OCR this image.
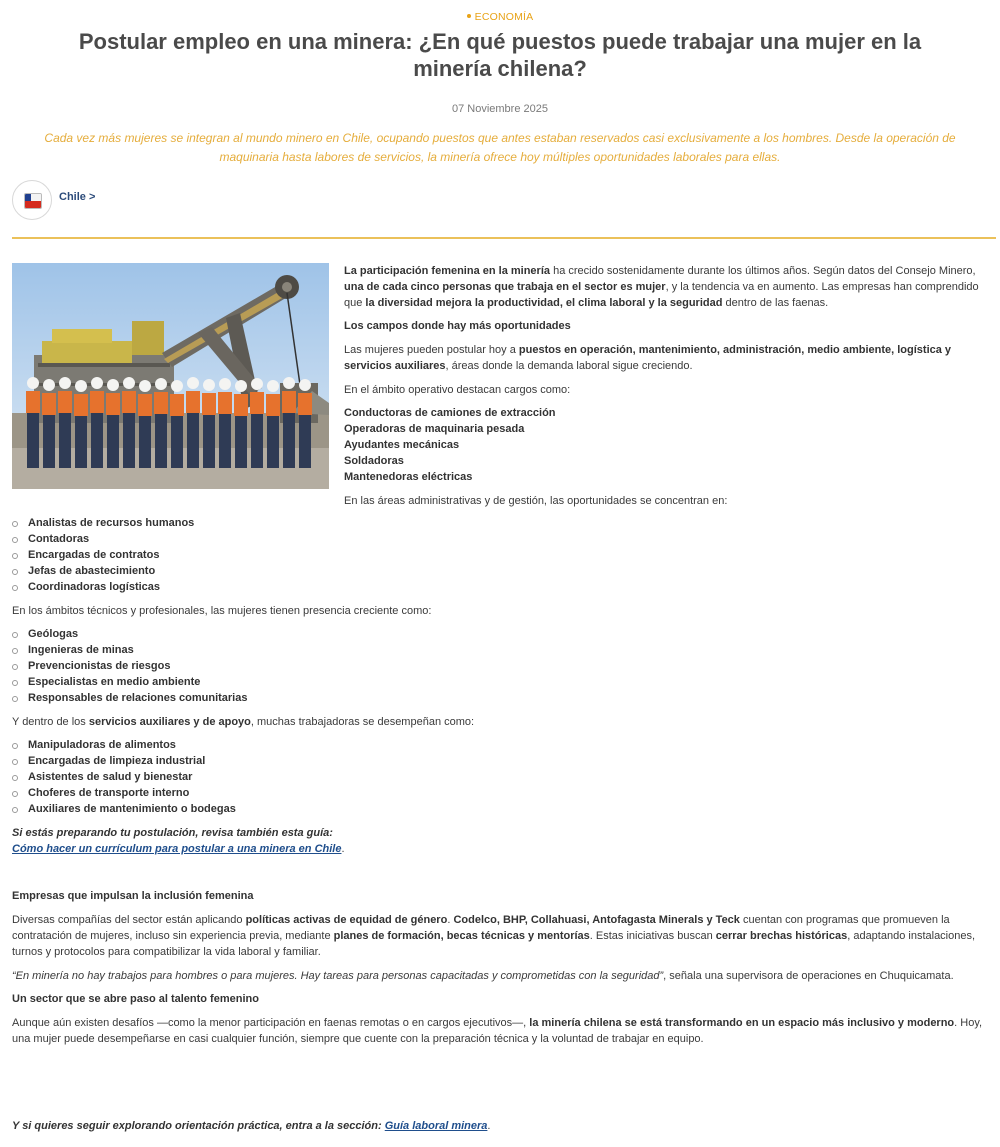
ECONOMÍA
Postular empleo en una minera: ¿En qué puestos puede trabajar una mujer en la minería chilena?
07 Noviembre 2025
Cada vez más mujeres se integran al mundo minero en Chile, ocupando puestos que antes estaban reservados casi exclusivamente a los hombres. Desde la operación de maquinaria hasta labores de servicios, la minería ofrece hoy múltiples oportunidades laborales para ellas.
Chile >

La participación femenina en la minería ha crecido sostenidamente durante los últimos años. Según datos del Consejo Minero, una de cada cinco personas que trabaja en el sector es mujer, y la tendencia va en aumento. Las empresas han comprendido que la diversidad mejora la productividad, el clima laboral y la seguridad dentro de las faenas.

Los campos donde hay más oportunidades

Las mujeres pueden postular hoy a puestos en operación, mantenimiento, administración, medio ambiente, logística y servicios auxiliares, áreas donde la demanda laboral sigue creciendo.

En el ámbito operativo destacan cargos como:

Conductoras de camiones de extracción
Operadoras de maquinaria pesada
Ayudantes mecánicas
Soldadoras
Mantenedoras eléctricas

En las áreas administrativas y de gestión, las oportunidades se concentran en:

Analistas de recursos humanos
Contadoras
Encargadas de contratos
Jefas de abastecimiento
Coordinadoras logísticas

En los ámbitos técnicos y profesionales, las mujeres tienen presencia creciente como:

Geólogas
Ingenieras de minas
Prevencionistas de riesgos
Especialistas en medio ambiente
Responsables de relaciones comunitarias

Y dentro de los servicios auxiliares y de apoyo, muchas trabajadoras se desempeñan como:

Manipuladoras de alimentos
Encargadas de limpieza industrial
Asistentes de salud y bienestar
Choferes de transporte interno
Auxiliares de mantenimiento o bodegas

Si estás preparando tu postulación, revisa también esta guía:
Cómo hacer un currículum para postular a una minera en Chile.

Empresas que impulsan la inclusión femenina

Diversas compañías del sector están aplicando políticas activas de equidad de género. Codelco, BHP, Collahuasi, Antofagasta Minerals y Teck cuentan con programas que promueven la contratación de mujeres, incluso sin experiencia previa, mediante planes de formación, becas técnicas y mentorías. Estas iniciativas buscan cerrar brechas históricas, adaptando instalaciones, turnos y protocolos para compatibilizar la vida laboral y familiar.

“En minería no hay trabajos para hombres o para mujeres. Hay tareas para personas capacitadas y comprometidas con la seguridad”, señala una supervisora de operaciones en Chuquicamata.

Un sector que se abre paso al talento femenino

Aunque aún existen desafíos —como la menor participación en faenas remotas o en cargos ejecutivos—, la minería chilena se está transformando en un espacio más inclusivo y moderno. Hoy, una mujer puede desempeñarse en casi cualquier función, siempre que cuente con la preparación técnica y la voluntad de trabajar en equipo.

Y si quieres seguir explorando orientación práctica, entra a la sección: Guía laboral minera.
